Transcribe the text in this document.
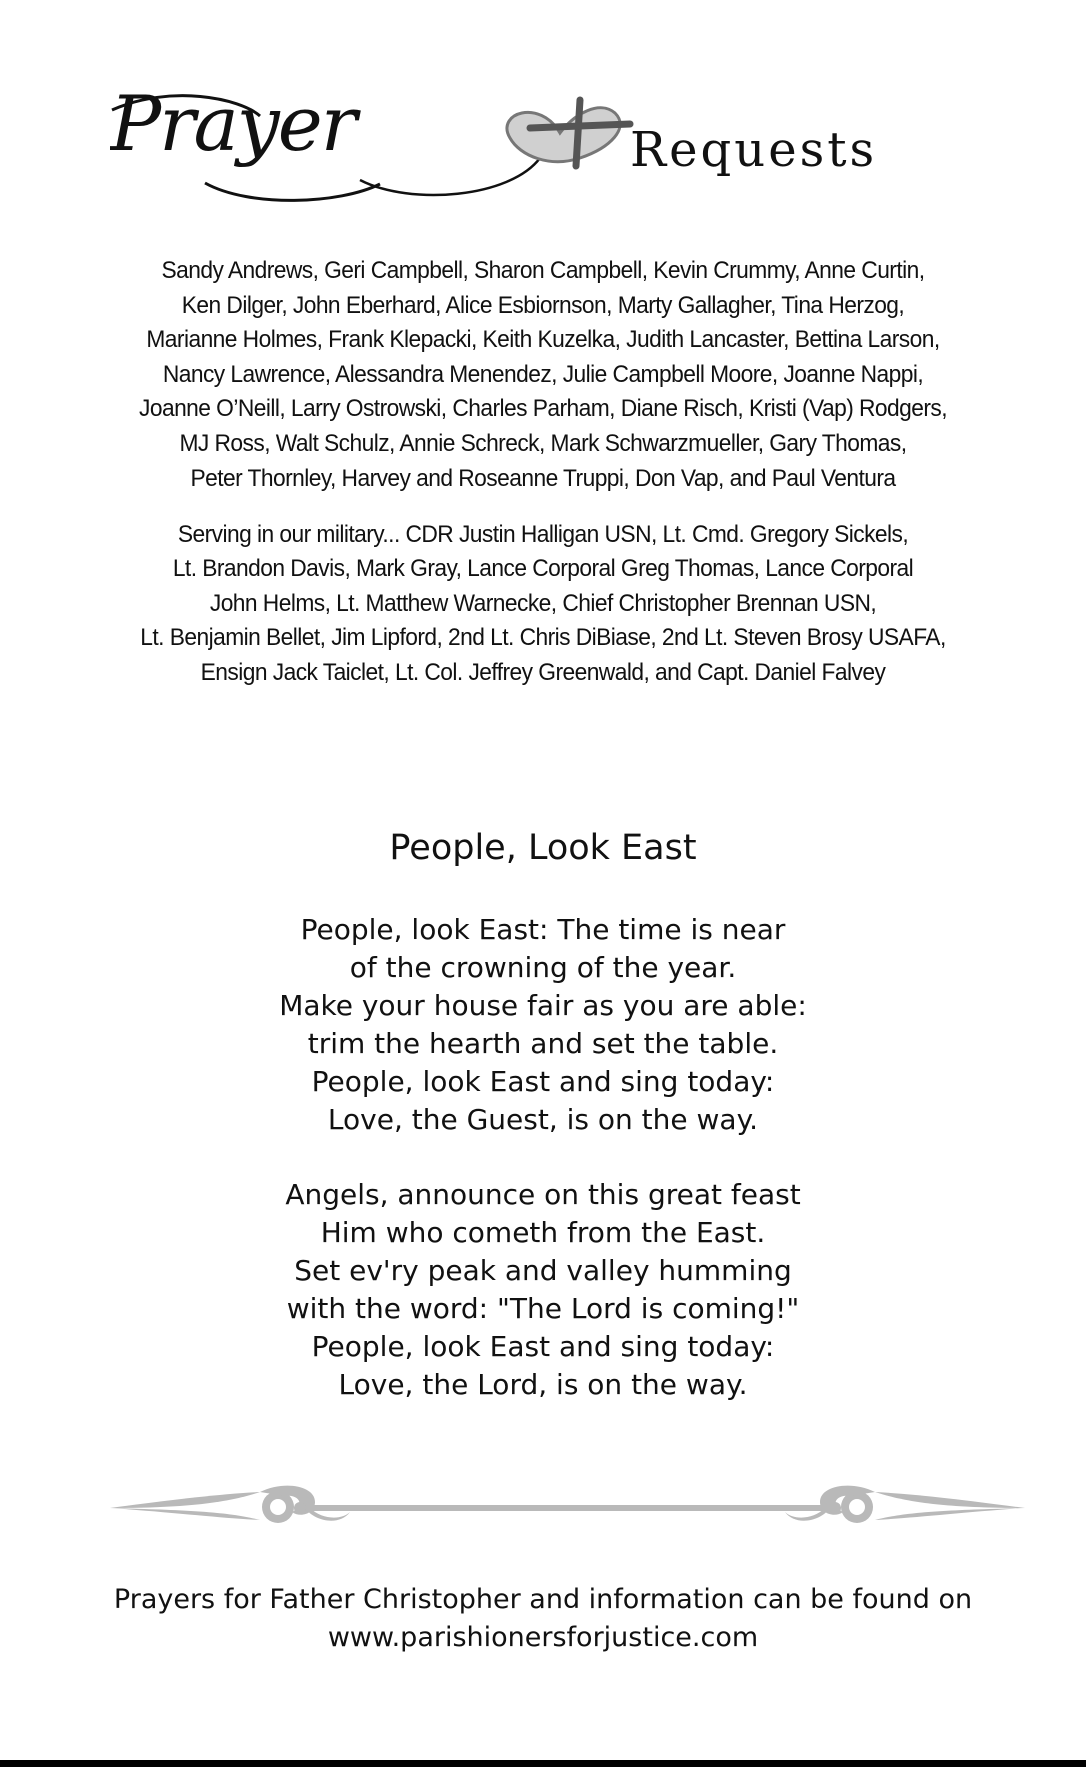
Prayer	Requests
Sandy Andrews, Geri Campbell, Sharon Campbell, Kevin Crummy, Anne Curtin,
Ken Dilger, John Eberhard, Alice Esbiornson, Marty Gallagher, Tina Herzog,
Marianne Holmes, Frank Klepacki, Keith Kuzelka, Judith Lancaster, Bettina Larson,
Nancy Lawrence, Alessandra Menendez, Julie Campbell Moore, Joanne Nappi,
Joanne O’Neill, Larry Ostrowski, Charles Parham, Diane Risch, Kristi (Vap) Rodgers,
MJ Ross, Walt Schulz, Annie Schreck, Mark Schwarzmueller, Gary Thomas,
Peter Thornley, Harvey and Roseanne Truppi, Don Vap, and Paul Ventura
Serving in our military... CDR Justin Halligan USN, Lt. Cmd. Gregory Sickels,
Lt. Brandon Davis, Mark Gray, Lance Corporal Greg Thomas, Lance Corporal
John Helms, Lt. Matthew Warnecke, Chief Christopher Brennan USN,
Lt. Benjamin Bellet, Jim Lipford, 2nd Lt. Chris DiBiase, 2nd Lt. Steven Brosy USAFA,
Ensign Jack Taiclet, Lt. Col. Jeffrey Greenwald, and Capt. Daniel Falvey
People, Look East
People, look East: The time is near
of the crowning of the year.
Make your house fair as you are able:
trim the hearth and set the table.
People, look East and sing today:
Love, the Guest, is on the way.
Angels, announce on this great feast
Him who cometh from the East.
Set ev'ry peak and valley humming
with the word: "The Lord is coming!"
People, look East and sing today:
Love, the Lord, is on the way.
Prayers for Father Christopher and information can be found on
www.parishionersforjustice.com
